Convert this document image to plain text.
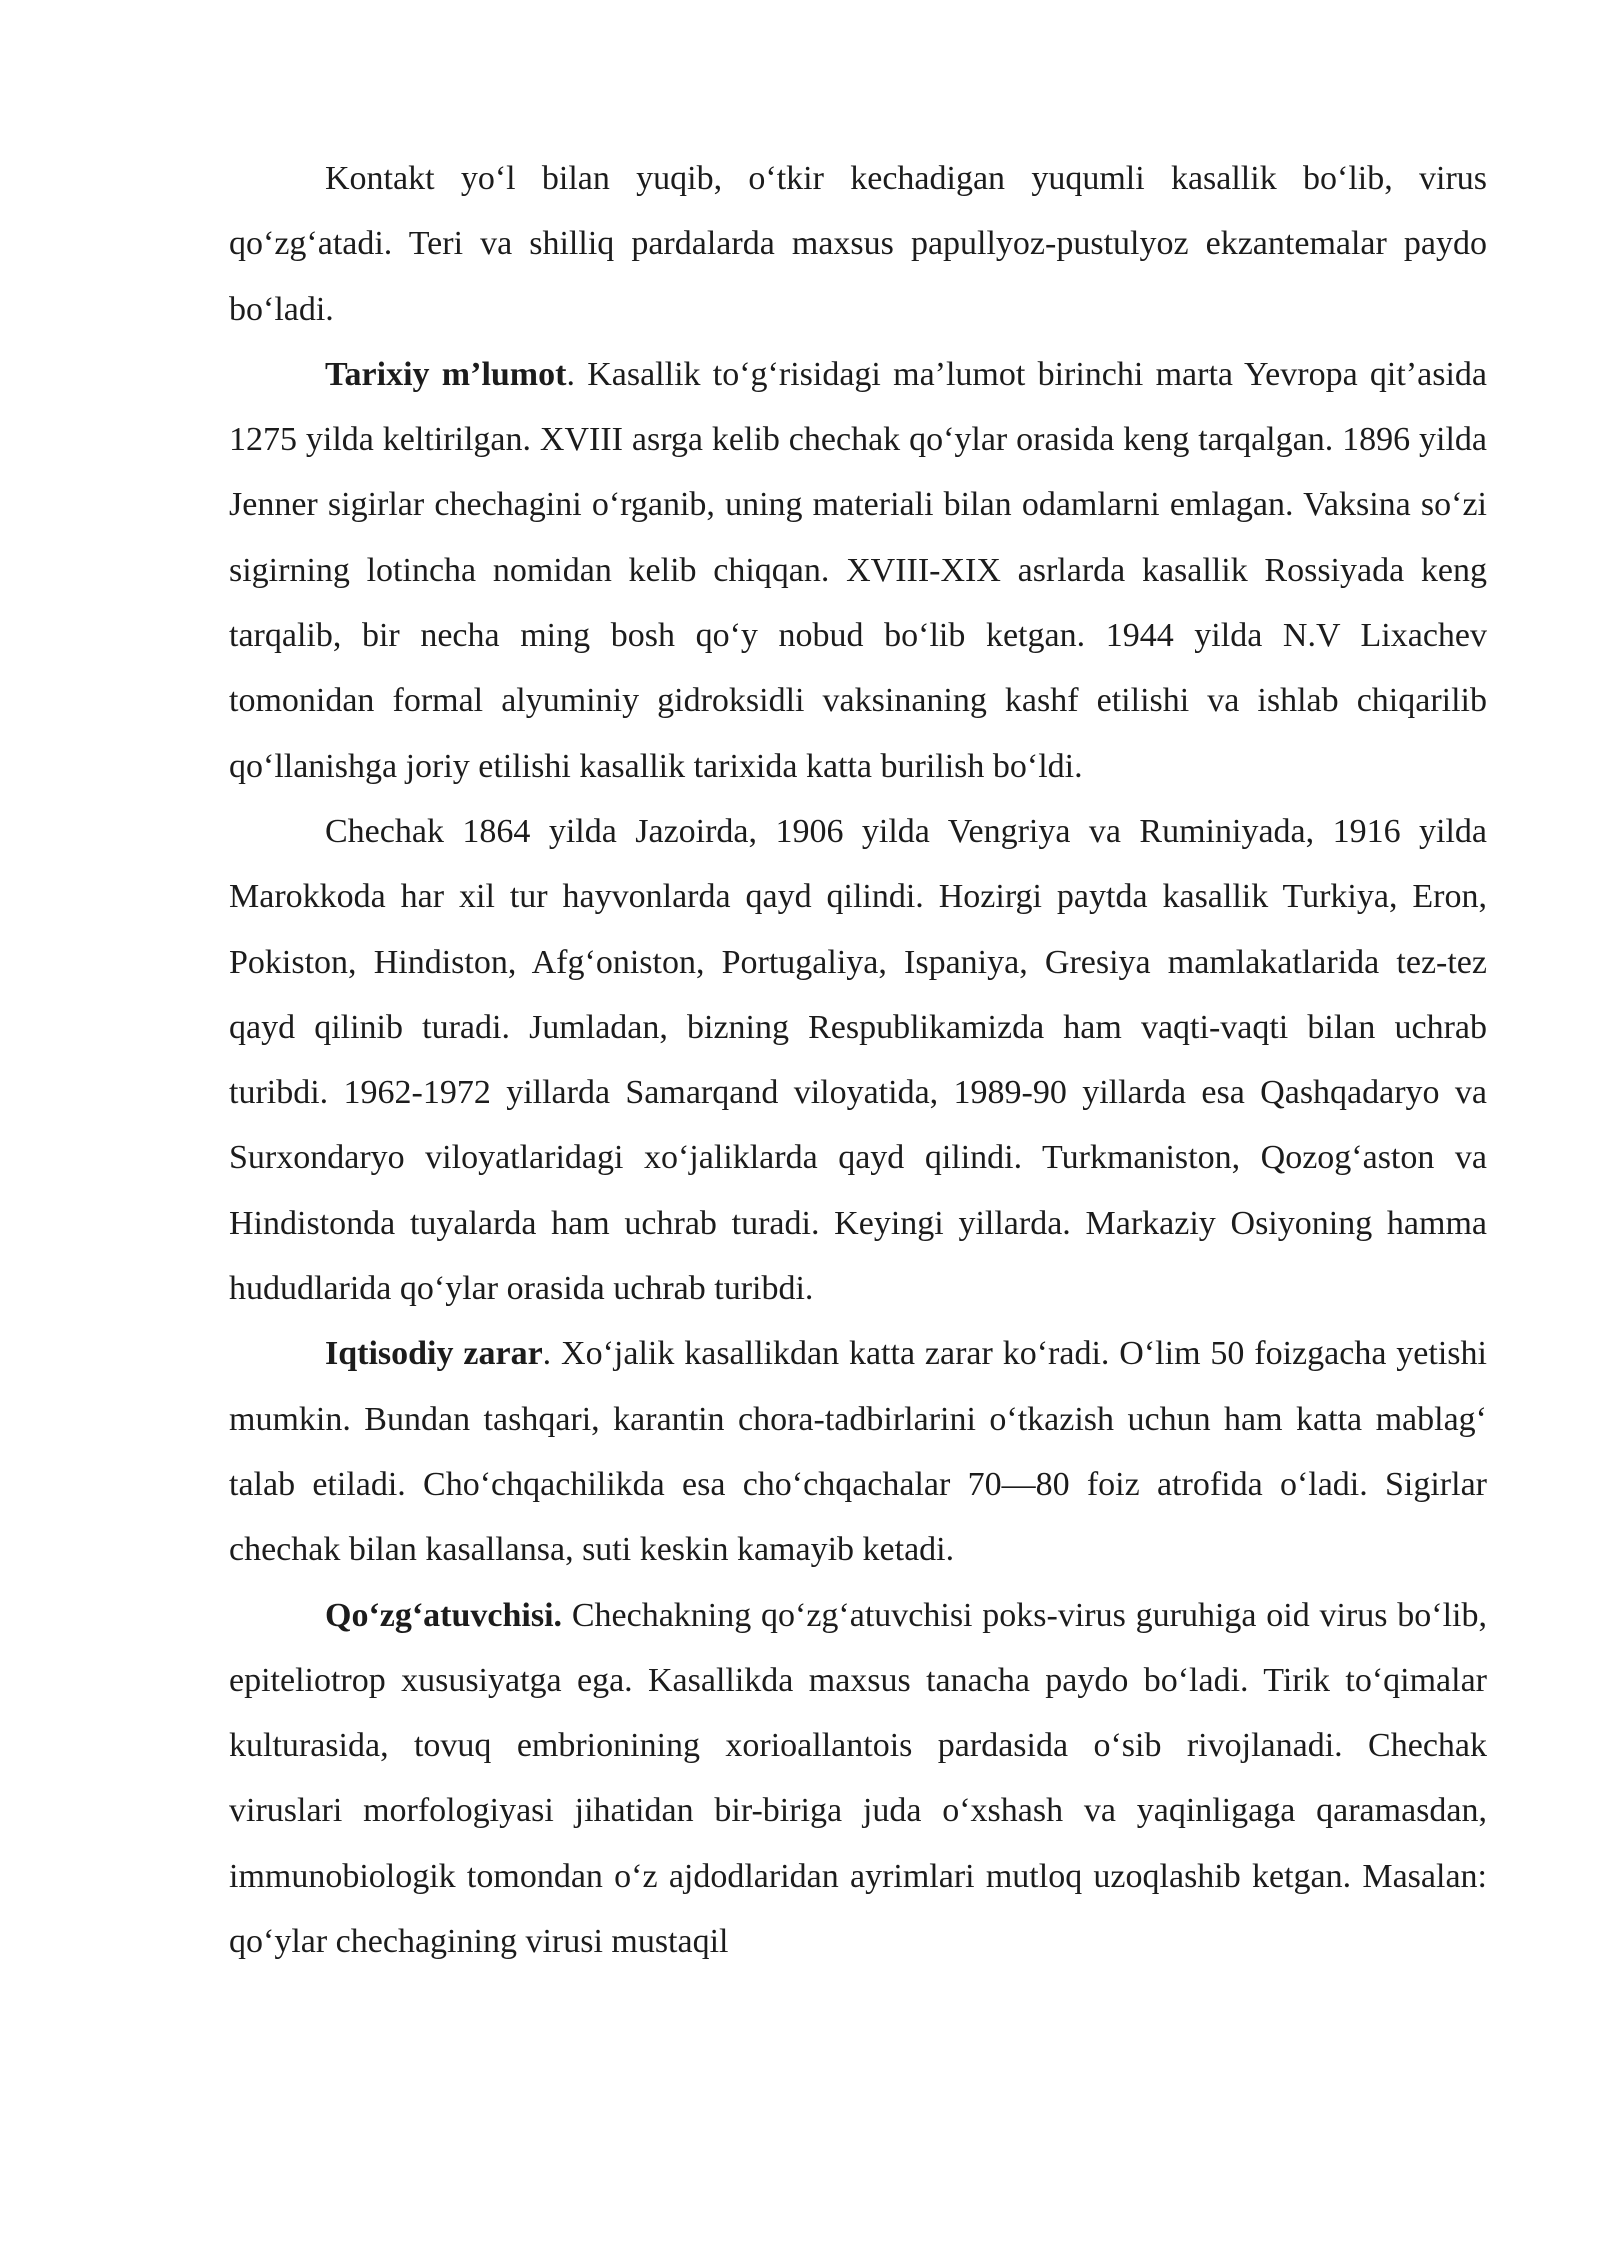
Kontakt yoʻl bilan yuqib, oʻtkir kechadigan yuqumli kasallik boʻlib, virus qoʻzgʻatadi. Teri va shilliq pardalarda maxsus papullyoz-pustulyoz ekzantemalar paydo boʻladi.

Tarixiy m’lumot. Kasallik toʻgʻrisidagi ma’lumot birinchi marta Yevropa qit’asida 1275 yilda keltirilgan. XVIII asrga kelib chechak qoʻylar orasida keng tarqalgan. 1896 yilda Jenner sigirlar chechagini oʻrganib, uning materiali bilan odamlarni emlagan. Vaksina soʻzi sigirning lotincha nomidan kelib chiqqan. XVIII-XIX asrlarda kasallik Rossiyada keng tarqalib, bir necha ming bosh qoʻy nobud boʻlib ketgan. 1944 yilda N.V Lixachev tomonidan formal alyuminiy gidroksidli vaksinaning kashf etilishi va ishlab chiqarilib qoʻllanishga joriy etilishi kasallik tarixida katta burilish boʻldi.

Chechak 1864 yilda Jazoirda, 1906 yilda Vengriya va Ruminiyada, 1916 yilda Marokkoda har xil tur hayvonlarda qayd qilindi. Hozirgi paytda kasallik Turkiya, Eron, Pokiston, Hindiston, Afgʻoniston, Portugaliya, Ispaniya, Gresiya mamlakatlarida tez-tez qayd qilinib turadi. Jumladan, bizning Respublikamizda ham vaqti-vaqti bilan uchrab turibdi. 1962-1972 yillarda Samarqand viloyatida, 1989-90 yillarda esa Qashqadaryo va Surxondaryo viloyatlaridagi xoʻjaliklarda qayd qilindi. Turkmaniston, Qozogʻaston va Hindistonda tuyalarda ham uchrab turadi. Keyingi yillarda. Markaziy Osiyoning hamma hududlarida qoʻylar orasida uchrab turibdi.

Iqtisodiy zarar. Xoʻjalik kasallikdan katta zarar koʻradi. Oʻlim 50 foizgacha yetishi mumkin. Bundan tashqari, karantin chora-tadbirlarini oʻtkazish uchun ham katta mablagʻ talab etiladi. Choʻchqachilikda esa choʻchqachalar 70—80 foiz atrofida oʻladi. Sigirlar chechak bilan kasallansa, suti keskin kamayib ketadi.

Qoʻzgʻatuvchisi. Chechakning qoʻzgʻatuvchisi poks-virus guruhiga oid virus boʻlib, epiteliotrop xususiyatga ega. Kasallikda maxsus tanacha paydo boʻladi. Tirik toʻqimalar kulturasida, tovuq embrionining xorioallantois pardasida oʻsib rivojlanadi. Chechak viruslari morfologiyasi jihatidan bir-biriga juda oʻxshash va yaqinligaga qaramasdan, immunobiologik tomondan oʻz ajdodlaridan ayrimlari mutloq uzoqlashib ketgan. Masalan: qoʻylar chechagining virusi mustaqil
